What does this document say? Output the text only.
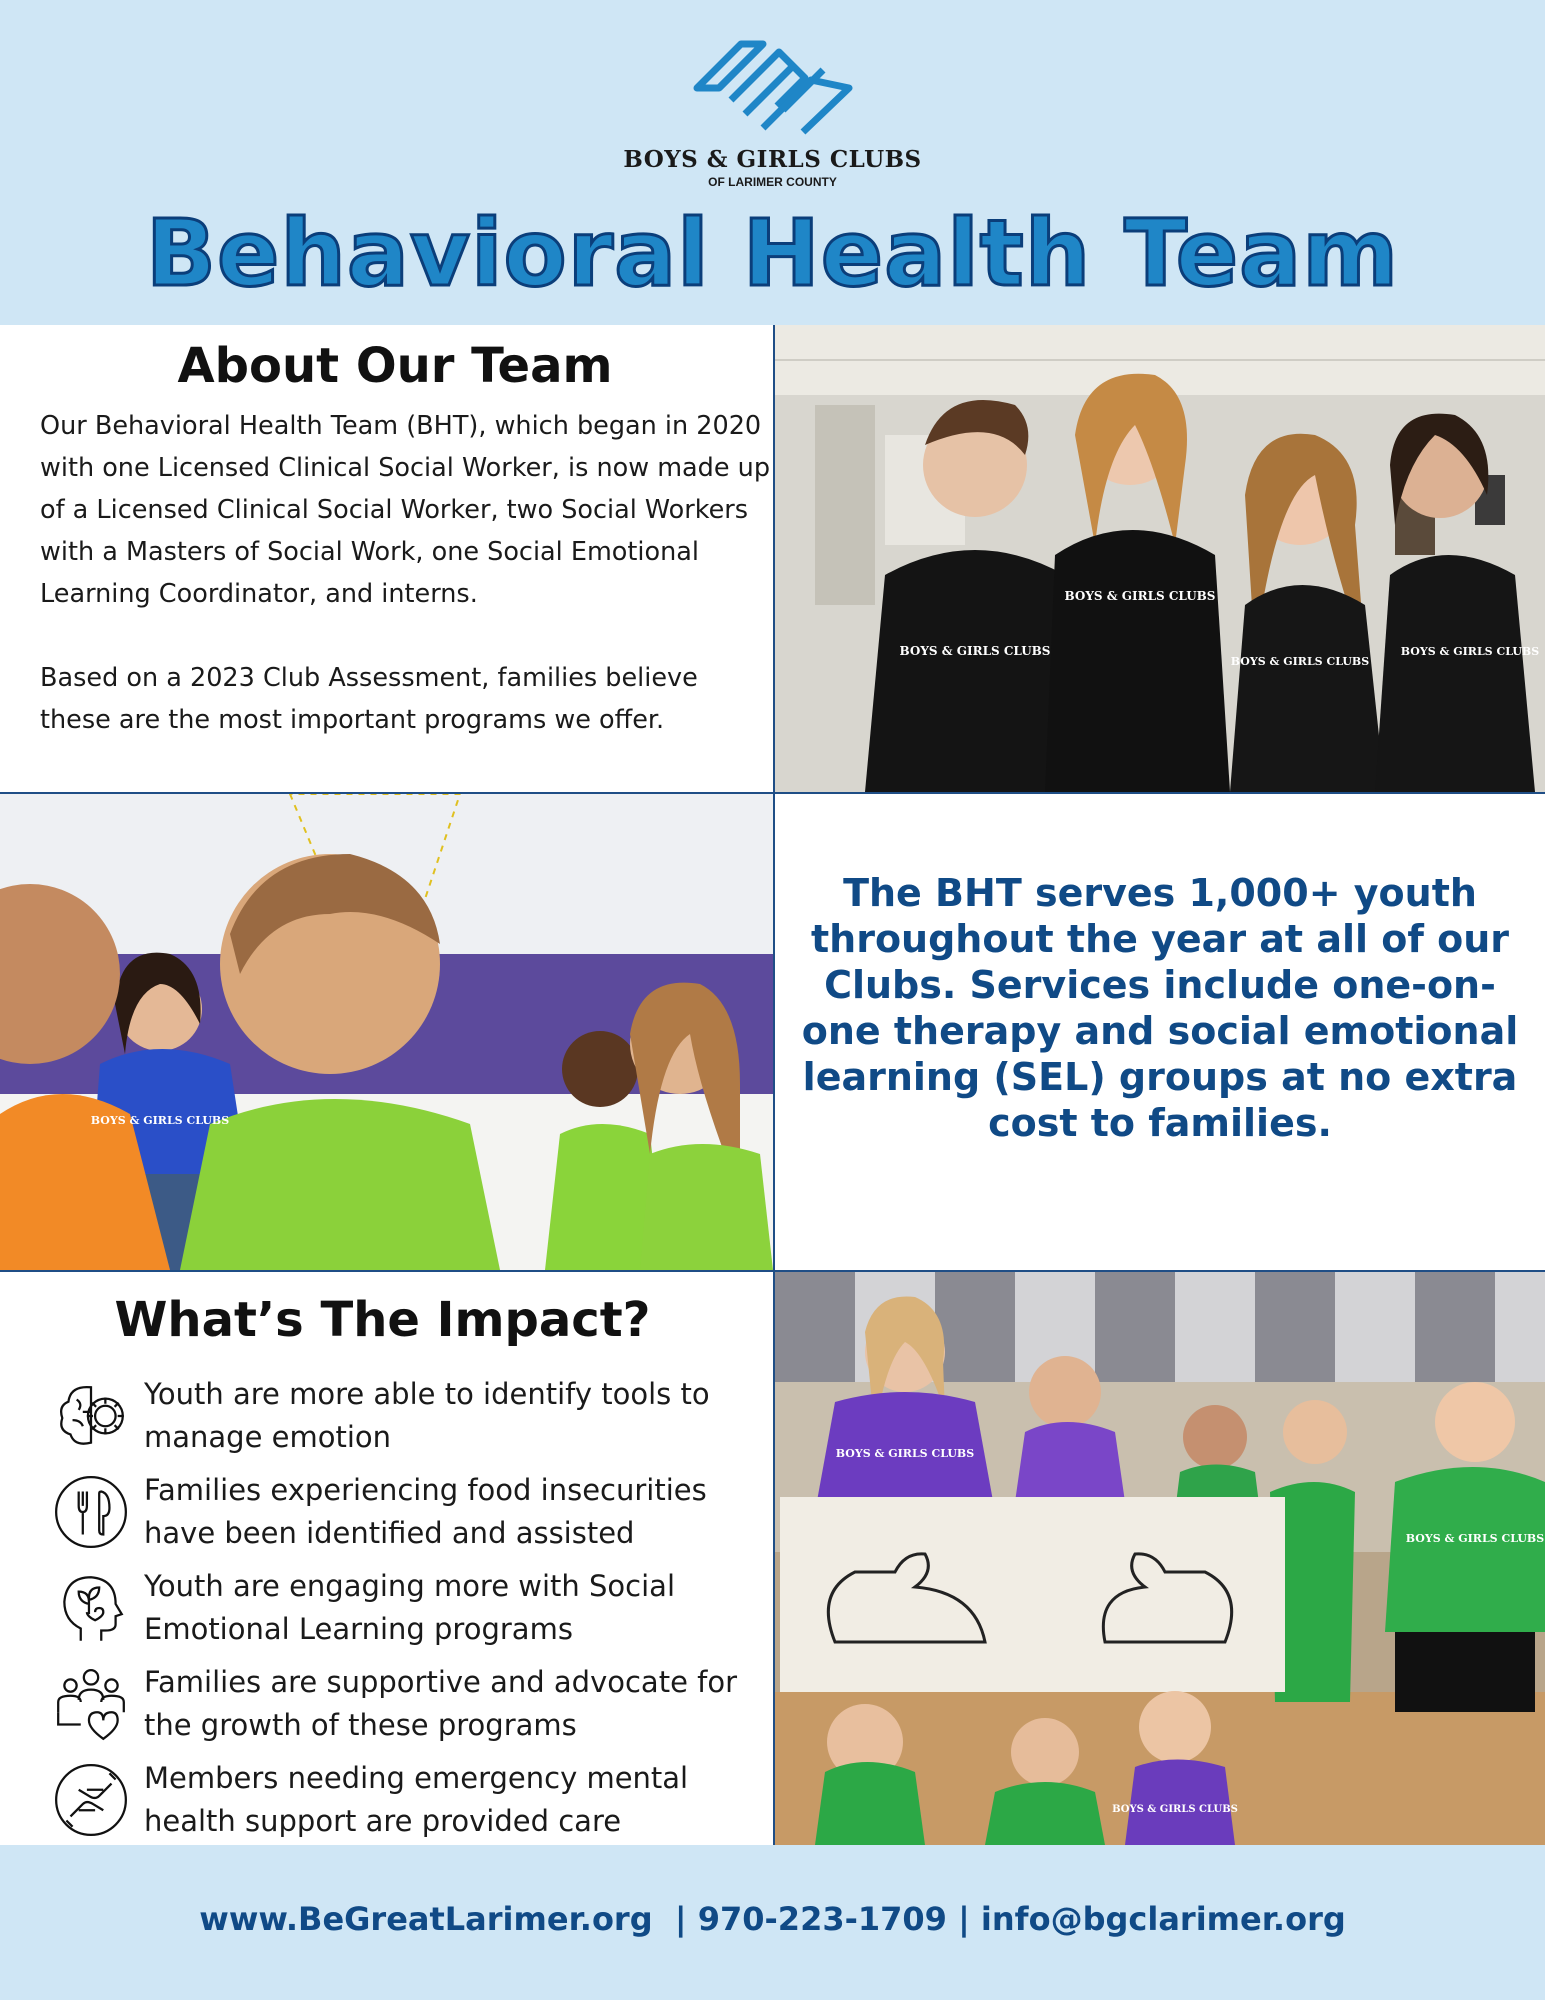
BOYS & GIRLS CLUBS
OF LARIMER COUNTY
Behavioral Health Team
About Our Team

Our Behavioral Health Team (BHT), which began in 2020 with one Licensed Clinical Social Worker, is now made up of a Licensed Clinical Social Worker, two Social Workers with a Masters of Social Work, one Social Emotional Learning Coordinator, and interns.

Based on a 2023 Club Assessment, families believe these are the most important programs we offer.

BOYS & GIRLS CLUBS
BOYS & GIRLS CLUBS
BOYS & GIRLS CLUBS
BOYS & GIRLS CLUBS
BOYS & GIRLS CLUBS
The BHT serves 1,000+ youth throughout the year at all of our Clubs. Services include one-on-one therapy and social emotional learning (SEL) groups at no extra cost to families.
What’s The Impact?
Youth are more able to identify tools to manage emotion
Families experiencing food insecurities have been identified and assisted
Youth are engaging more with Social Emotional Learning programs
Families are supportive and advocate for the growth of these programs
Members needing emergency mental health support are provided care
BOYS & GIRLS CLUBS
BOYS & GIRLS CLUBS
BOYS & GIRLS CLUBS
www.BeGreatLarimer.org  | 970-223-1709 | info@bgclarimer.org
